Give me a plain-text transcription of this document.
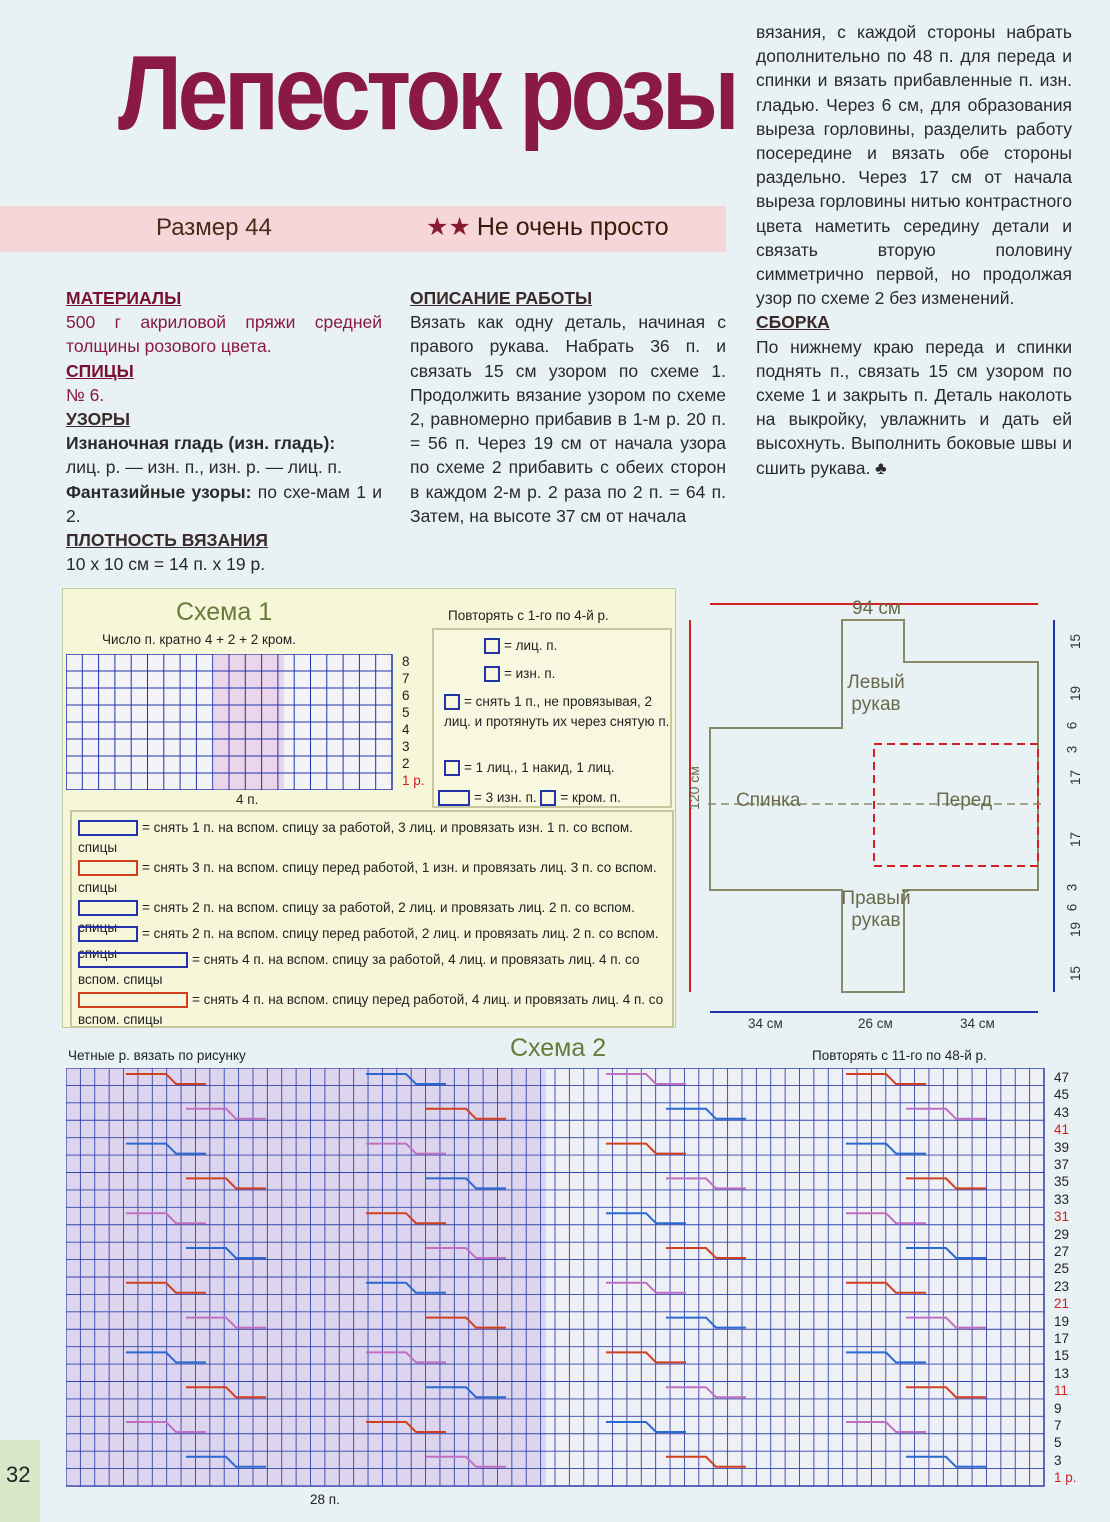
Лепесток розы
Размер 44	★★ Не очень просто
МАТЕРИАЛЫ
500 г акриловой пряжи средней толщины розового цвета.
СПИЦЫ
№ 6.
УЗОРЫ
Изнаночная гладь (изн. гладь):
лиц. р. — изн. п., изн. р. — лиц. п.
Фантазийные узоры: по схе-мам 1 и 2.
ПЛОТНОСТЬ ВЯЗАНИЯ
10 х 10 см = 14 п. х 19 р.
ОПИСАНИЕ РАБОТЫ
Вязать как одну деталь, начиная с правого рукава. Набрать 36 п. и связать 15 см узором по схеме 1. Продолжить вязание узором по схеме 2, равномерно прибавив в 1-м р. 20 п. = 56 п. Через 19 см от начала узора по схеме 2 прибавить с обеих сторон в каждом 2-м р. 2 раза по 2 п. = 64 п. Затем, на высоте 37 см от начала
вязания, с каждой стороны набрать дополнительно по 48 п. для переда и спинки и вязать прибавленные п. изн. гладью. Через 6 см, для образования выреза горловины, разделить работу посередине и вязать обе стороны раздельно. Через 17 см от начала выреза горловины нитью контрастного цвета наметить середину детали и связать вторую половину симметрично первой, но продолжая узор по схеме 2 без изменений.
СБОРКА
По нижнему краю переда и спинки поднять п., связать 15 см узором по схеме 1 и закрыть п. Деталь наколоть на выкройку, увлажнить и дать ей высохнуть. Выполнить боковые швы и сшить рукава. ♣
Схема 1
Число п. кратно 4 + 2 + 2 кром.
Повторять с 1-го по 4-й р.
8
7
6
5
4
3
2
1 р.
4 п.
= лиц. п.
= изн. п.
= снять 1 п., не провязывая, 2 лиц. и протянуть их через снятую п.
= 1 лиц., 1 накид, 1 лиц.
= 3 изн. п. = кром. п.
= снять 1 п. на вспом. спицу за работой, 3 лиц. и провязать изн. 1 п. со вспом. спицы
= снять 3 п. на вспом. спицу перед работой, 1 изн. и провязать лиц. 3 п. со вспом. спицы
= снять 2 п. на вспом. спицу за работой, 2 лиц. и провязать лиц. 2 п. со вспом. спицы	= снять 2 п. на вспом. спицу перед работой, 2 лиц. и провязать лиц. 2 п. со вспом. спицы	= снять 4 п. на вспом. спицу за работой, 4 лиц. и провязать лиц. 4 п. со вспом. спицы
= снять 4 п. на вспом. спицу перед работой, 4 лиц. и провязать лиц. 4 п. со вспом. спицы
94 см
120 см
Левый рукав
Спинка	Перед
Правый рукав
34 см	26 см	34 см
15
19
6
3
17
17
3
6
19
15
Схема 2
Четные р. вязать по рисунку	Повторять с 11-го по 48-й р.
47
45
43
41
39
37
35
33
31
29
27
25
23
21
19
17
15
13
11
9
7
5
3
1 р.
28 п.
32
